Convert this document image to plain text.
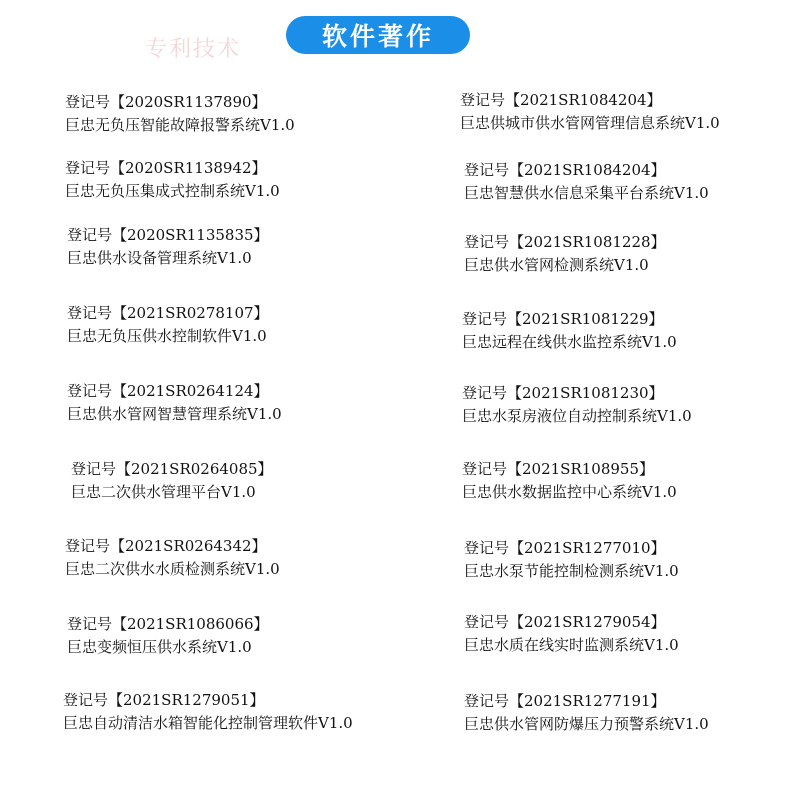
专利技术	软件著作
登记号【2020SR1137890】
巨忠无负压智能故障报警系统V1.0
登记号【2020SR1138942】
巨忠无负压集成式控制系统V1.0
登记号【2020SR1135835】
巨忠供水设备管理系统V1.0
登记号【2021SR0278107】
巨忠无负压供水控制软件V1.0
登记号【2021SR0264124】
巨忠供水管网智慧管理系统V1.0
登记号【2021SR0264085】
巨忠二次供水管理平台V1.0
登记号【2021SR0264342】
巨忠二次供水水质检测系统V1.0
登记号【2021SR1086066】
巨忠变频恒压供水系统V1.0
登记号【2021SR1279051】
巨忠自动清洁水箱智能化控制管理软件V1.0
登记号【2021SR1084204】
巨忠供城市供水管网管理信息系统V1.0
登记号【2021SR1084204】
巨忠智慧供水信息采集平台系统V1.0
登记号【2021SR1081228】
巨忠供水管网检测系统V1.0
登记号【2021SR1081229】
巨忠远程在线供水监控系统V1.0
登记号【2021SR1081230】
巨忠水泵房液位自动控制系统V1.0
登记号【2021SR108955】
巨忠供水数据监控中心系统V1.0
登记号【2021SR1277010】
巨忠水泵节能控制检测系统V1.0
登记号【2021SR1279054】
巨忠水质在线实时监测系统V1.0
登记号【2021SR1277191】
巨忠供水管网防爆压力预警系统V1.0
